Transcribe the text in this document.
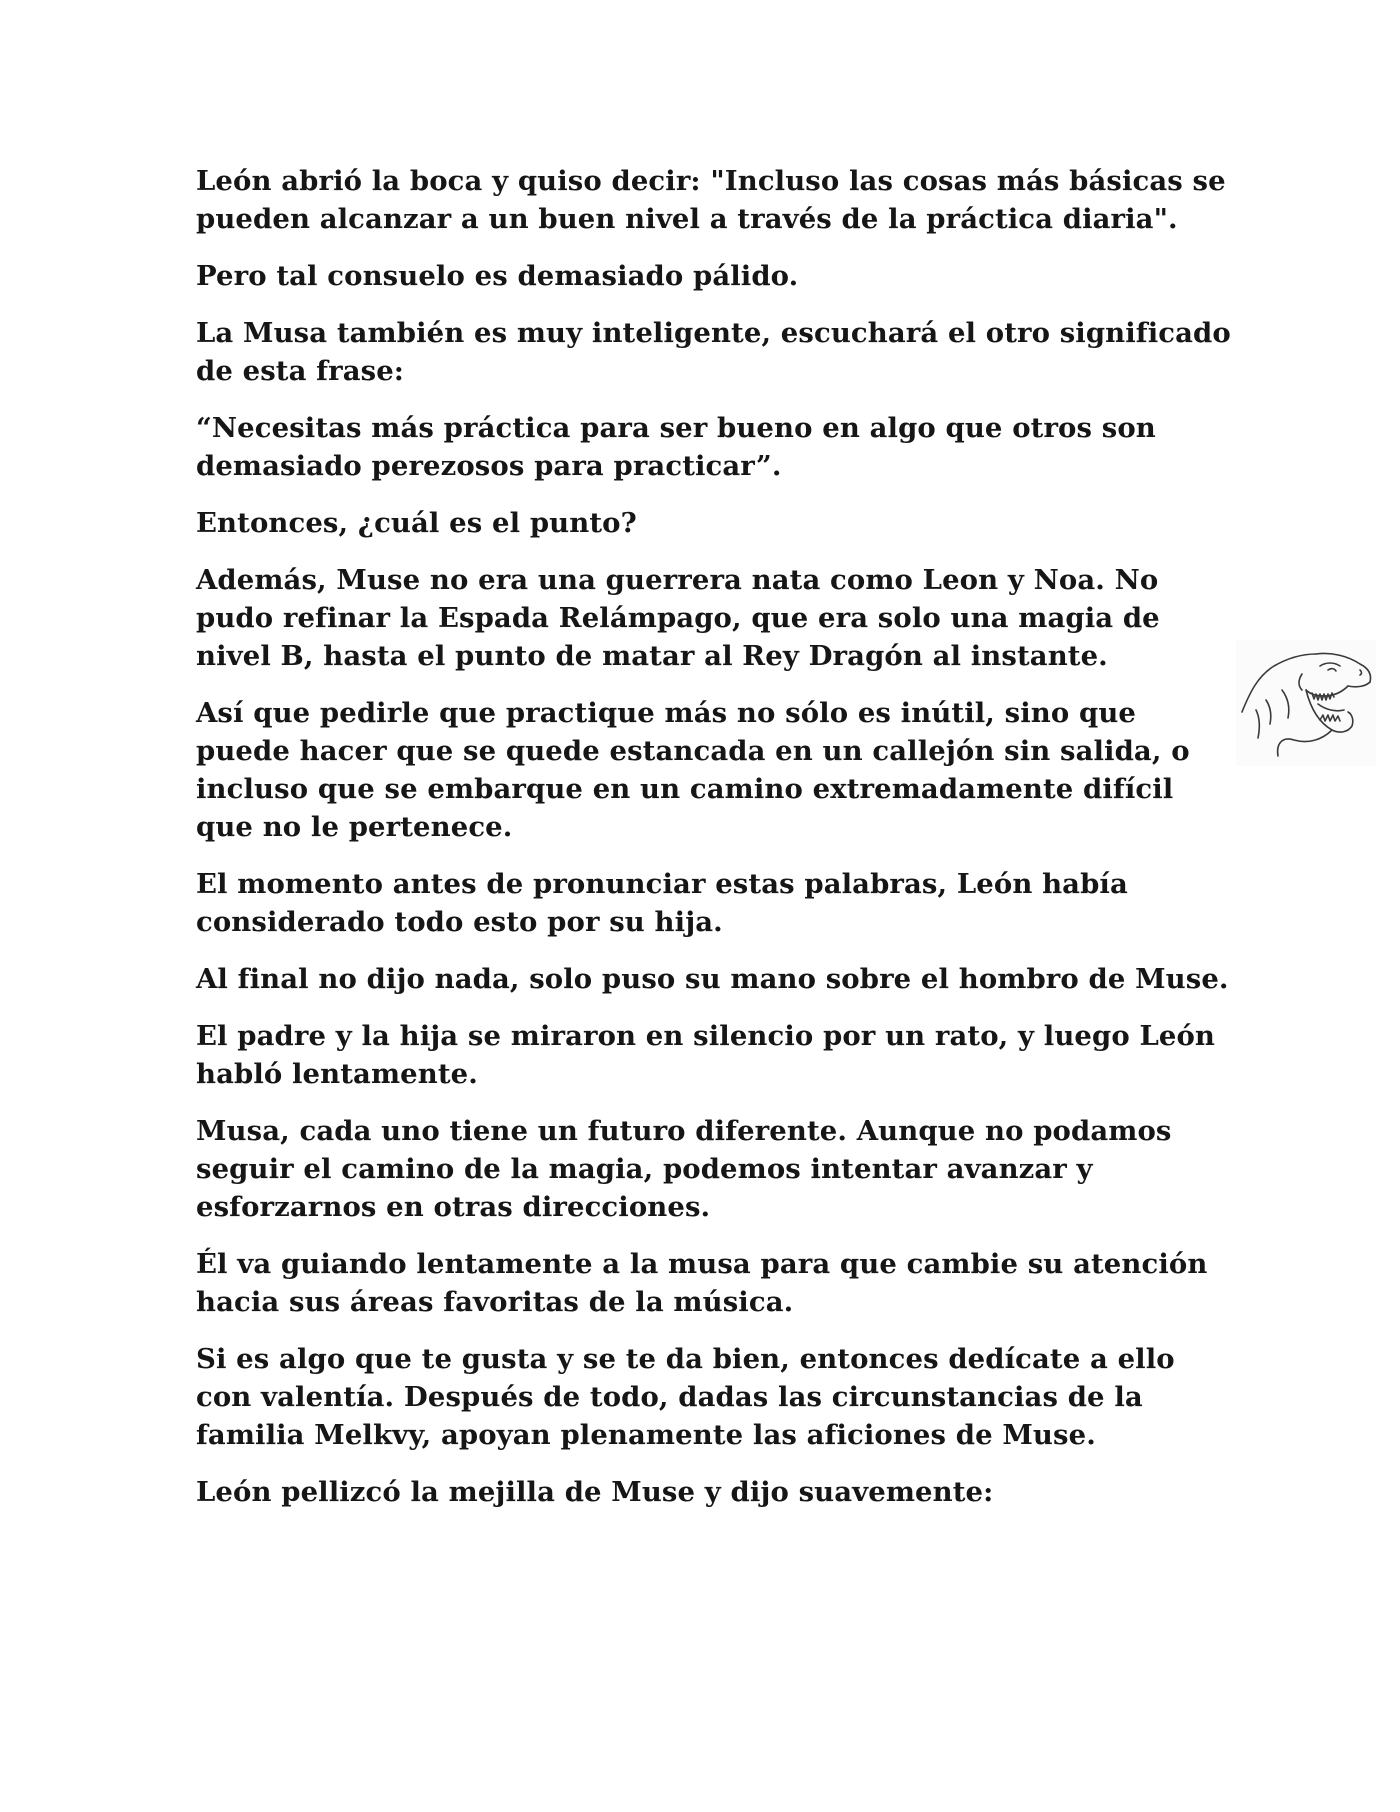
León abrió la boca y quiso decir: "Incluso las cosas más básicas se pueden alcanzar a un buen nivel a través de la práctica diaria".

Pero tal consuelo es demasiado pálido.

La Musa también es muy inteligente, escuchará el otro significado de esta frase:

“Necesitas más práctica para ser bueno en algo que otros son demasiado perezosos para practicar”.

Entonces, ¿cuál es el punto?

Además, Muse no era una guerrera nata como Leon y Noa. No pudo refinar la Espada Relámpago, que era solo una magia de nivel B, hasta el punto de matar al Rey Dragón al instante.

Así que pedirle que practique más no sólo es inútil, sino que puede hacer que se quede estancada en un callejón sin salida, o incluso que se embarque en un camino extremadamente difícil que no le pertenece.

El momento antes de pronunciar estas palabras, León había considerado todo esto por su hija.

Al final no dijo nada, solo puso su mano sobre el hombro de Muse.

El padre y la hija se miraron en silencio por un rato, y luego León habló lentamente.

Musa, cada uno tiene un futuro diferente. Aunque no podamos seguir el camino de la magia, podemos intentar avanzar y esforzarnos en otras direcciones.

Él va guiando lentamente a la musa para que cambie su atención hacia sus áreas favoritas de la música.

Si es algo que te gusta y se te da bien, entonces dedícate a ello con valentía. Después de todo, dadas las circunstancias de la familia Melkvy, apoyan plenamente las aficiones de Muse.

León pellizcó la mejilla de Muse y dijo suavemente:
